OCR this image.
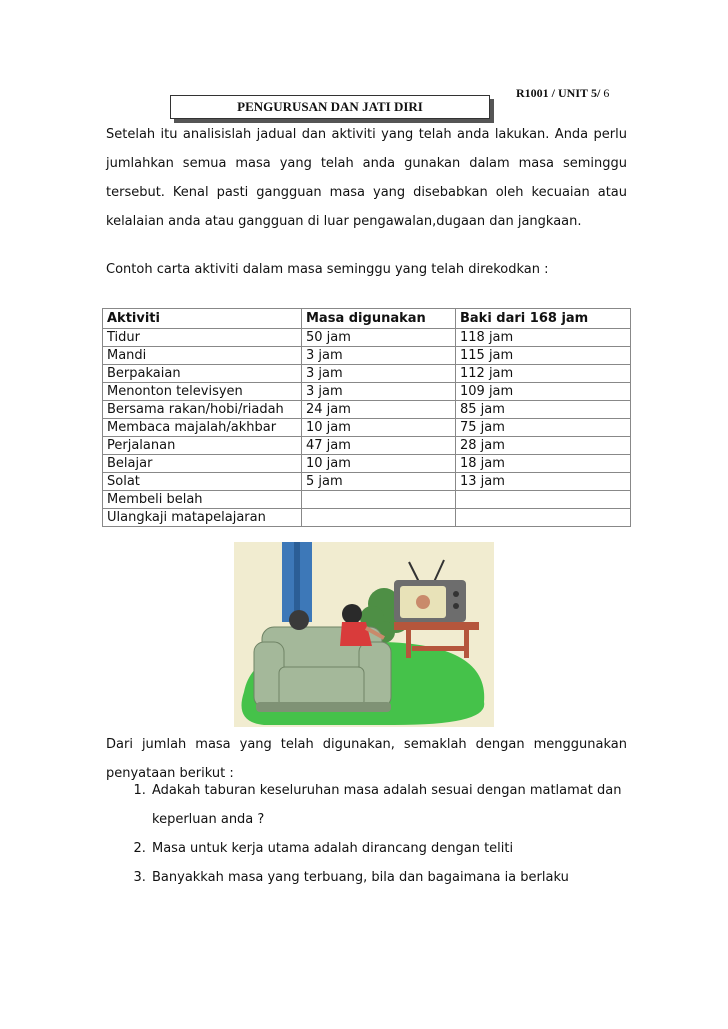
R1001 / UNIT 5/ 6
PENGURUSAN DAN JATI DIRI

Setelah itu analisislah jadual dan aktiviti yang telah anda lakukan. Anda perlu jumlahkan semua masa yang telah anda gunakan dalam masa seminggu tersebut. Kenal pasti gangguan masa yang disebabkan oleh kecuaian atau kelalaian anda atau gangguan di luar pengawalan,dugaan dan jangkaan.

Contoh carta aktiviti dalam masa seminggu yang telah direkodkan :

Aktiviti	Masa digunakan	Baki dari 168 jam
Tidur	50 jam	118 jam
Mandi	3 jam	115 jam
Berpakaian	3 jam	112 jam
Menonton televisyen	3 jam	109 jam
Bersama rakan/hobi/riadah	24 jam	85 jam
Membaca majalah/akhbar	10 jam	75 jam
Perjalanan	47 jam	28 jam
Belajar	10 jam	18 jam
Solat	5 jam	13 jam
Membeli belah		
Ulangkaji matapelajaran		

Dari jumlah masa yang telah digunakan, semaklah dengan menggunakan penyataan berikut :

1. Adakah taburan keseluruhan masa adalah sesuai dengan matlamat dan keperluan anda ?
2. Masa untuk kerja utama adalah dirancang dengan teliti
3. Banyakkah masa yang terbuang, bila dan bagaimana ia berlaku
